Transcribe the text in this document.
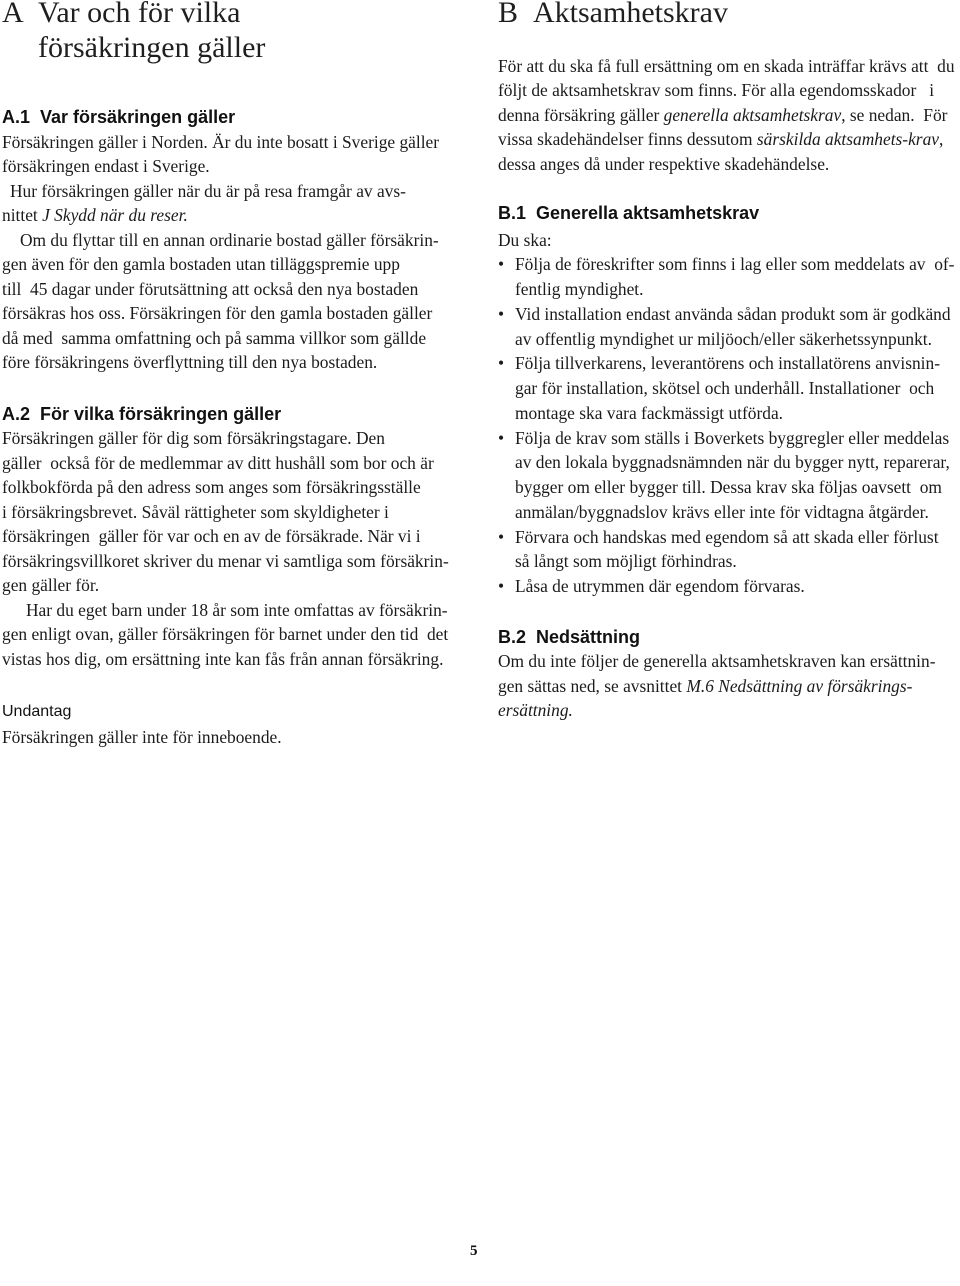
A Var och för vilka
försäkringen gäller
A.1  Var försäkringen gäller
Försäkringen gäller i Norden. Är du inte bosatt i Sverige gäller
försäkringen endast i Sverige.
Hur försäkringen gäller när du är på resa framgår av avs-
nittet J Skydd när du reser.
Om du flyttar till en annan ordinarie bostad gäller försäkrin-
gen även för den gamla bostaden utan tilläggspremie upp
till  45 dagar under förutsättning att också den nya bostaden
försäkras hos oss. Försäkringen för den gamla bostaden gäller
då med  samma omfattning och på samma villkor som gällde
före försäkringens överflyttning till den nya bostaden.
A.2  För vilka försäkringen gäller
Försäkringen gäller för dig som försäkringstagare. Den
gäller  också för de medlemmar av ditt hushåll som bor och är
folkbokförda på den adress som anges som försäkringsställe
i försäkringsbrevet. Såväl rättigheter som skyldigheter i
försäkringen  gäller för var och en av de försäkrade. När vi i
försäkringsvillkoret skriver du menar vi samtliga som försäkrin-
gen gäller för.
Har du eget barn under 18 år som inte omfattas av försäkrin-
gen enligt ovan, gäller försäkringen för barnet under den tid  det
vistas hos dig, om ersättning inte kan fås från annan försäkring.
Undantag
Försäkringen gäller inte för inneboende.
B Aktsamhetskrav
För att du ska få full ersättning om en skada inträffar krävs att  du
följt de aktsamhetskrav som finns. För alla egendomsskador   i
denna försäkring gäller generella aktsamhetskrav, se nedan.  För
vissa skadehändelser finns dessutom särskilda aktsamhets-krav,
dessa anges då under respektive skadehändelse.
B.1  Generella aktsamhetskrav
Du ska:
• Följa de föreskrifter som finns i lag eller som meddelats av  of-
fentlig myndighet.
• Vid installation endast använda sådan produkt som är godkänd
av offentlig myndighet ur miljöoch/eller säkerhetssynpunkt.
• Följa tillverkarens, leverantörens och installatörens anvisnin-
gar för installation, skötsel och underhåll. Installationer  och
montage ska vara fackmässigt utförda.
• Följa de krav som ställs i Boverkets byggregler eller meddelas
av den lokala byggnadsnämnden när du bygger nytt, reparerar,
bygger om eller bygger till. Dessa krav ska följas oavsett  om
anmälan/byggnadslov krävs eller inte för vidtagna åtgärder.
• Förvara och handskas med egendom så att skada eller förlust
så långt som möjligt förhindras.
• Låsa de utrymmen där egendom förvaras.
B.2  Nedsättning
Om du inte följer de generella aktsamhetskraven kan ersättnin-
gen sättas ned, se avsnittet M.6 Nedsättning av försäkrings-
ersättning.
5
